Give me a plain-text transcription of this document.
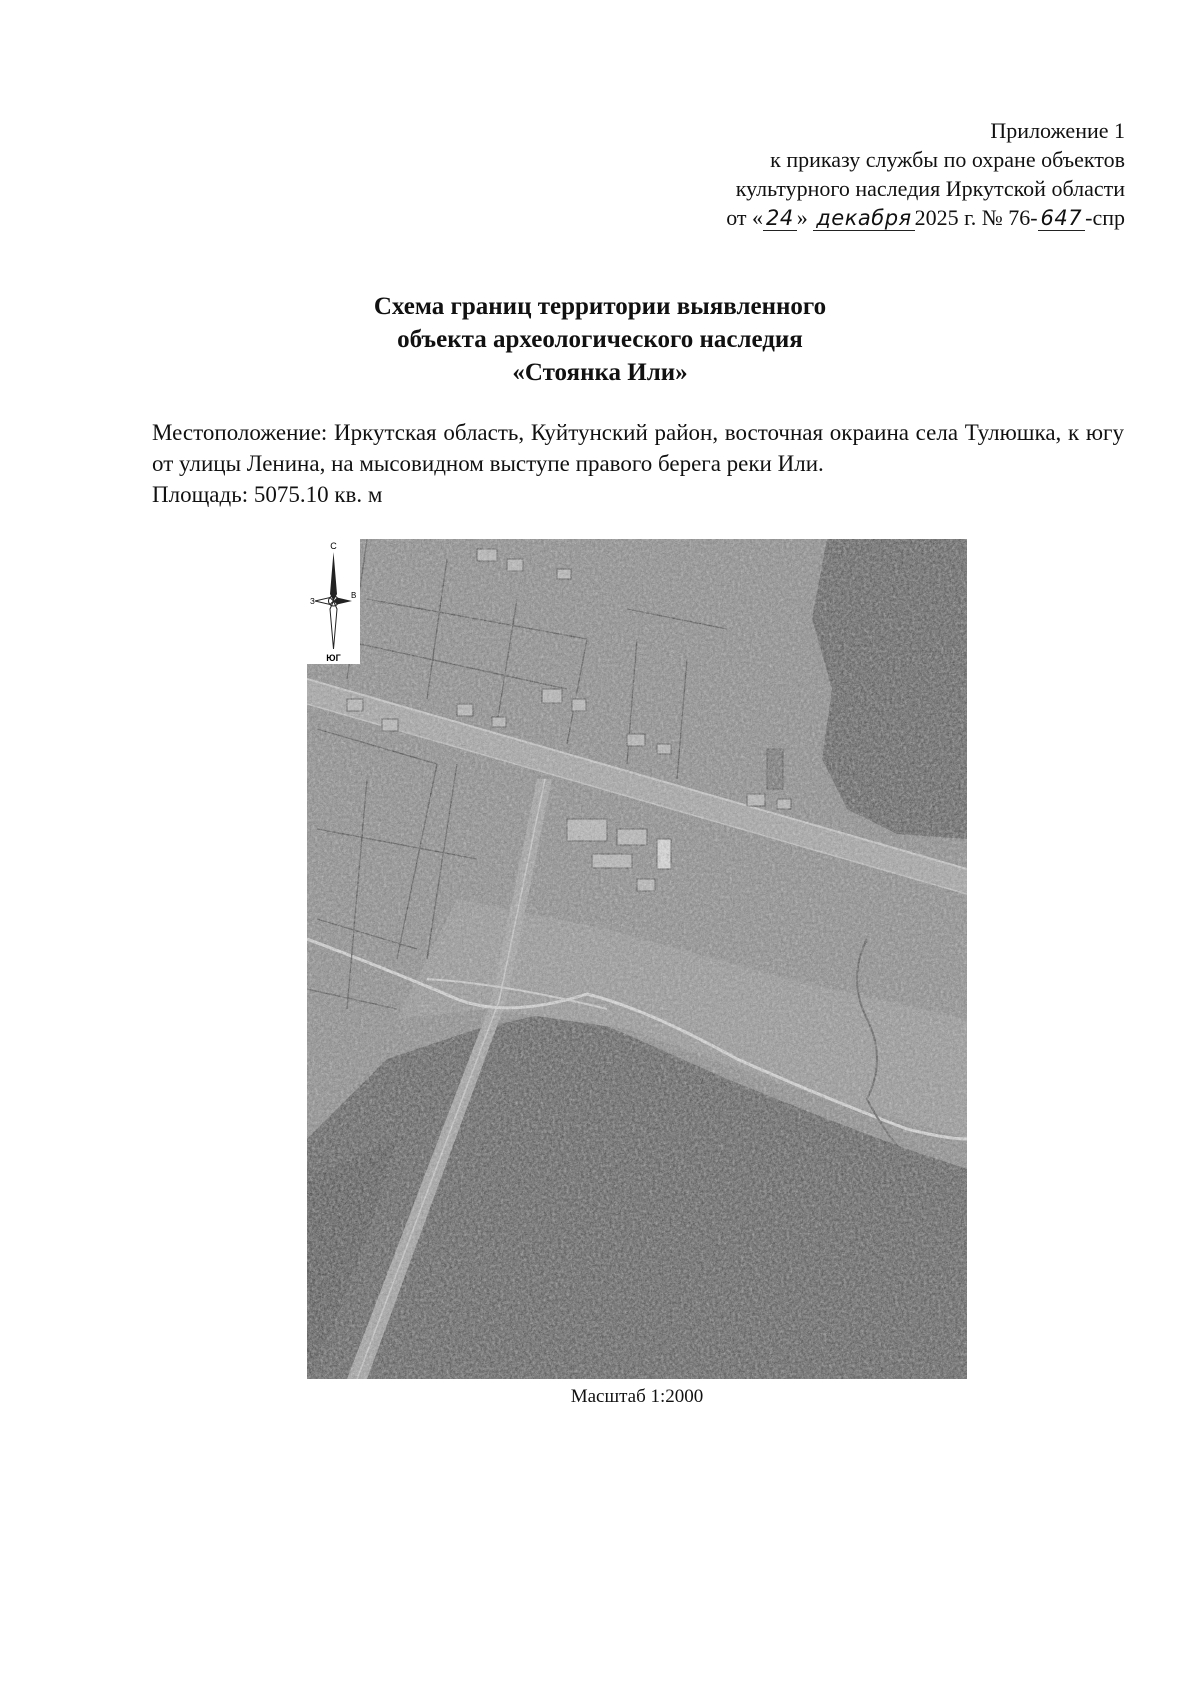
Приложение 1
к приказу службы по охране объектов
культурного наследия Иркутской области
от « 24 » декабря 2025 г. № 76- 647 -спр
Схема границ территории выявленного
объекта археологического наследия
«Стоянка Или»
Местоположение: Иркутская область, Куйтунский район, восточная окраина села Тулюшка, к югу от улицы Ленина, на мысовидном выступе правого берега реки Или.
Площадь: 5075.10 кв. м
С
З
В
ЮГ
Масштаб 1:2000
